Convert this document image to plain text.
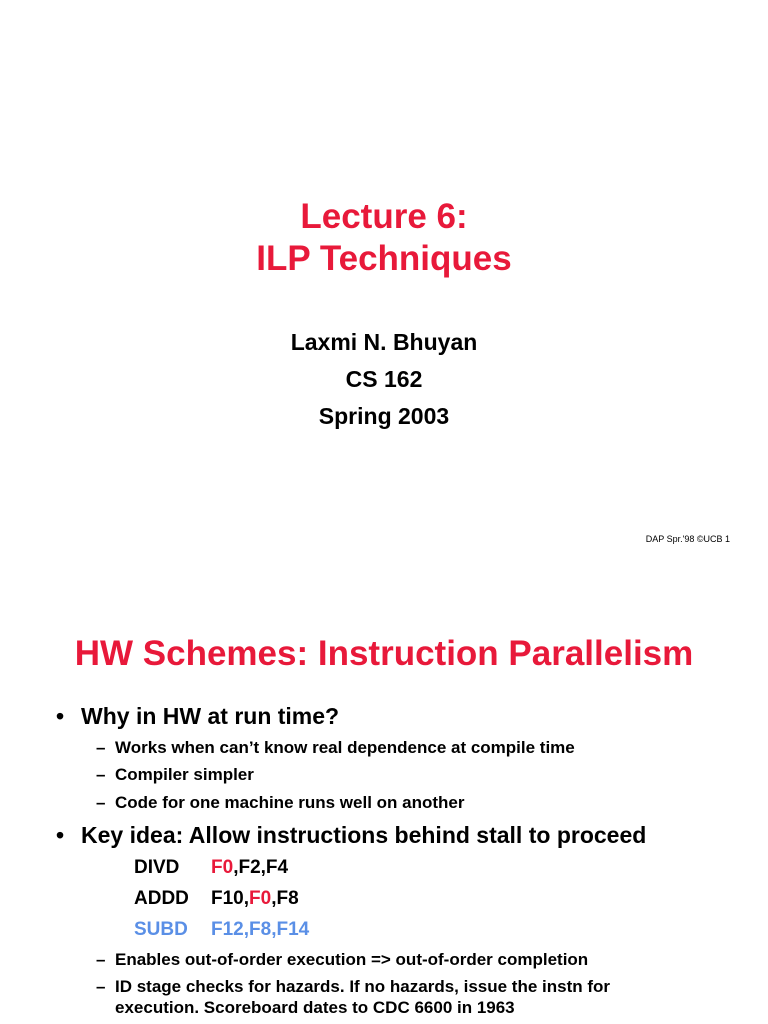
Lecture 6:
ILP Techniques
Laxmi N. Bhuyan
CS 162
Spring 2003
DAP Spr.'98 ©UCB 1
HW Schemes: Instruction Parallelism
• Why in HW at run time?
– Works when can’t know real dependence at compile time
– Compiler simpler
– Code for one machine runs well on another
• Key idea: Allow instructions behind stall to proceed
DIVD F0,F2,F4
ADDD F10,F0,F8
SUBD F12,F8,F14
– Enables out-of-order execution => out-of-order completion
– ID stage checks for hazards. If no hazards, issue the instn for
execution. Scoreboard dates to CDC 6600 in 1963
